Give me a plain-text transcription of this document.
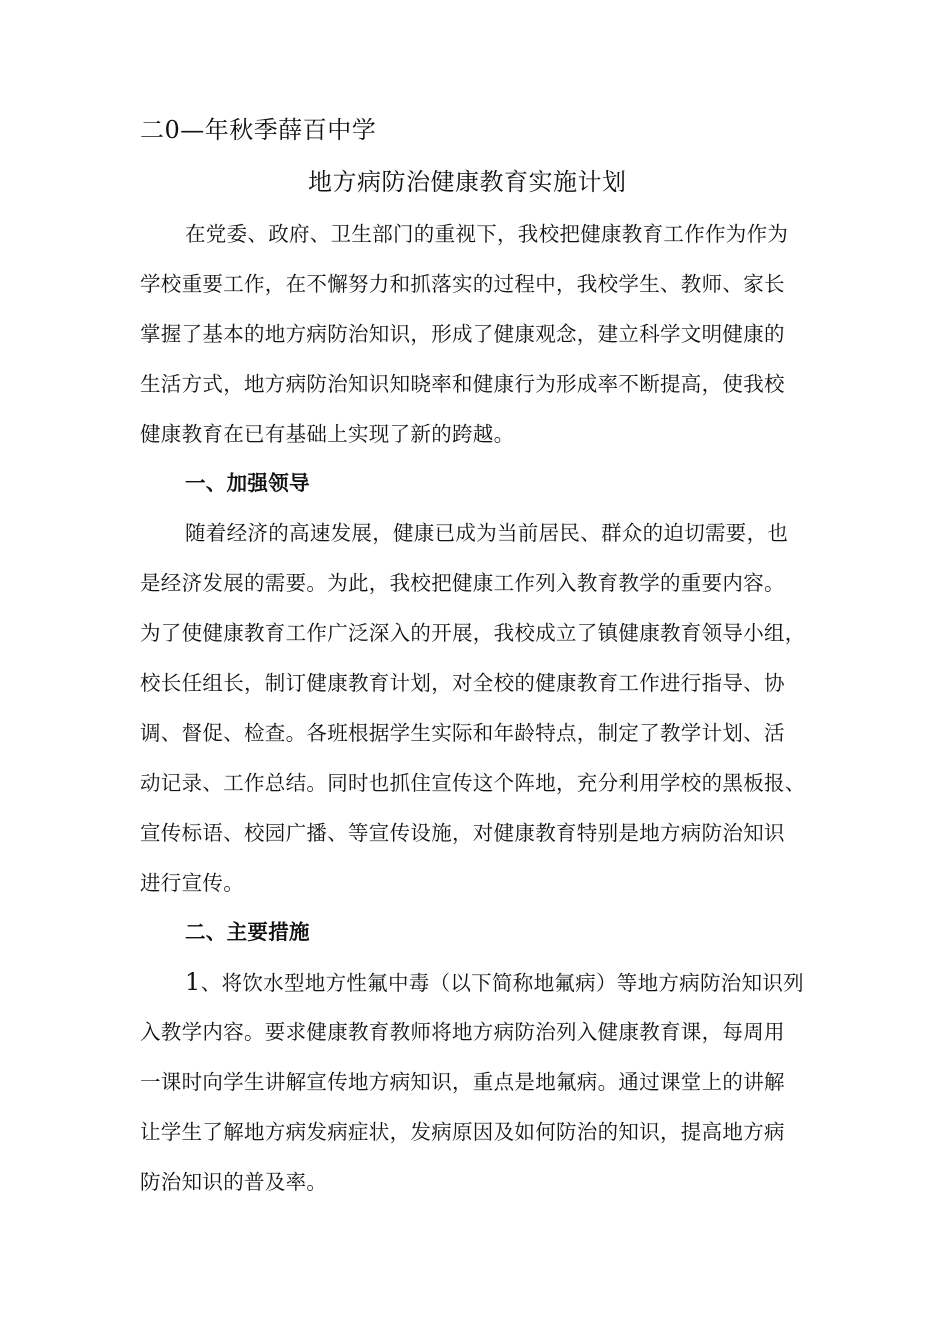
二0—年秋季薛百中学
地方病防治健康教育实施计划
在党委、政府、卫生部门的重视下，我校把健康教育工作作为作为
学校重要工作，在不懈努力和抓落实的过程中，我校学生、教师、家长
掌握了基本的地方病防治知识，形成了健康观念，建立科学文明健康的
生活方式，地方病防治知识知晓率和健康行为形成率不断提高，使我校
健康教育在已有基础上实现了新的跨越。
一、加强领导
随着经济的高速发展，健康已成为当前居民、群众的迫切需要，也
是经济发展的需要。为此，我校把健康工作列入教育教学的重要内容。
为了使健康教育工作广泛深入的开展，我校成立了镇健康教育领导小组，
校长任组长，制订健康教育计划，对全校的健康教育工作进行指导、协
调、督促、检查。各班根据学生实际和年龄特点，制定了教学计划、活
动记录、工作总结。同时也抓住宣传这个阵地，充分利用学校的黑板报、
宣传标语、校园广播、等宣传设施，对健康教育特别是地方病防治知识
进行宣传。
二、主要措施
1、将饮水型地方性氟中毒（以下简称地氟病）等地方病防治知识列
入教学内容。要求健康教育教师将地方病防治列入健康教育课，每周用
一课时向学生讲解宣传地方病知识，重点是地氟病。通过课堂上的讲解
让学生了解地方病发病症状，发病原因及如何防治的知识，提高地方病
防治知识的普及率。
